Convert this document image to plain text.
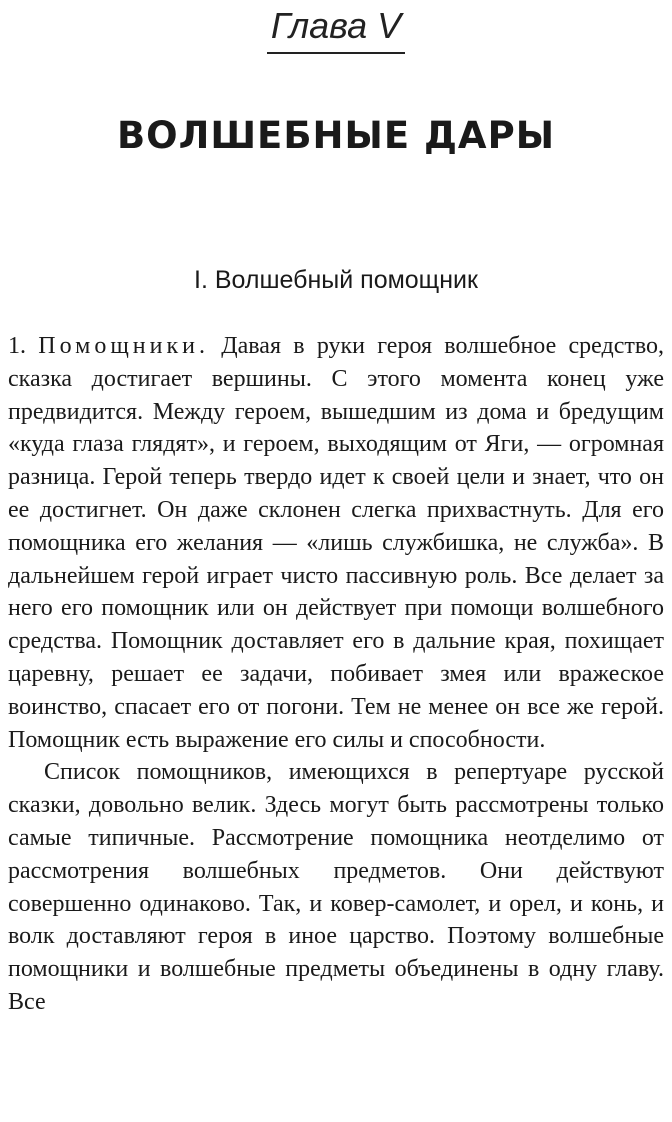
Глава V
ВОЛШЕБНЫЕ ДАРЫ
I. Волшебный помощник

1. Помощники. Давая в руки героя волшебное средство, сказка достигает вершины. С этого момента конец уже предвидится. Между героем, вышедшим из дома и бредущим «куда глаза глядят», и героем, выходящим от Яги, — огромная разница. Герой теперь твердо идет к своей цели и знает, что он ее достигнет. Он даже склонен слегка прихвастнуть. Для его помощника его желания — «лишь службишка, не служба». В дальнейшем герой играет чисто пассивную роль. Все делает за него его помощник или он действует при помощи волшебного средства. Помощник доставляет его в дальние края, похищает царевну, решает ее задачи, побивает змея или вражеское воинство, спасает его от погони. Тем не менее он все же герой. Помощник есть выражение его силы и способности.

Список помощников, имеющихся в репертуаре русской сказки, довольно велик. Здесь могут быть рассмотрены только самые типичные. Рассмотрение помощника неотделимо от рассмотрения волшебных предметов. Они действуют совершенно одинаково. Так, и ковер-самолет, и орел, и конь, и волк доставляют героя в иное царство. Поэтому волшебные помощники и волшебные предметы объединены в одну главу. Все
